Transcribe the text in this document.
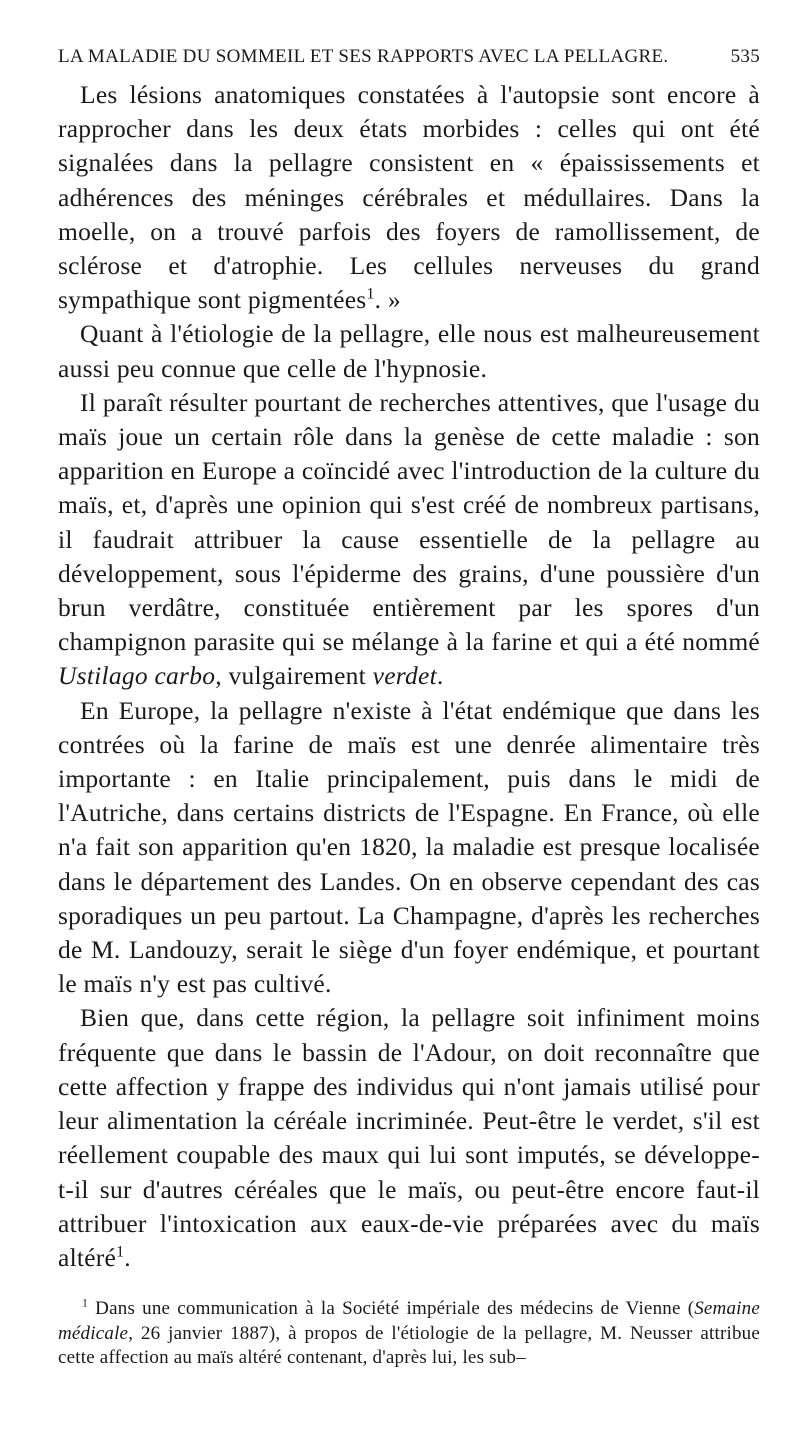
LA MALADIE DU SOMMEIL ET SES RAPPORTS AVEC LA PELLAGRE.	535

Les lésions anatomiques constatées à l'autopsie sont encore à rapprocher dans les deux états morbides : celles qui ont été signalées dans la pellagre consistent en « épaississements et adhérences des méninges cérébrales et médullaires. Dans la moelle, on a trouvé parfois des foyers de ramollissement, de sclérose et d'atrophie. Les cellules nerveuses du grand sympathique sont pigmentées$^1$. »

Quant à l'étiologie de la pellagre, elle nous est malheureusement aussi peu connue que celle de l'hypnosie.

Il paraît résulter pourtant de recherches attentives, que l'usage du maïs joue un certain rôle dans la genèse de cette maladie : son apparition en Europe a coïncidé avec l'introduction de la culture du maïs, et, d'après une opinion qui s'est créé de nombreux partisans, il faudrait attribuer la cause essentielle de la pellagre au développement, sous l'épiderme des grains, d'une poussière d'un brun verdâtre, constituée entièrement par les spores d'un champignon parasite qui se mélange à la farine et qui a été nommé Ustilago carbo, vulgairement verdet.

En Europe, la pellagre n'existe à l'état endémique que dans les contrées où la farine de maïs est une denrée alimentaire très importante : en Italie principalement, puis dans le midi de l'Autriche, dans certains districts de l'Espagne. En France, où elle n'a fait son apparition qu'en 1820, la maladie est presque localisée dans le département des Landes. On en observe cependant des cas sporadiques un peu partout. La Champagne, d'après les recherches de M. Landouzy, serait le siège d'un foyer endémique, et pourtant le maïs n'y est pas cultivé.

Bien que, dans cette région, la pellagre soit infiniment moins fréquente que dans le bassin de l'Adour, on doit reconnaître que cette affection y frappe des individus qui n'ont jamais utilisé pour leur alimentation la céréale incriminée. Peut-être le verdet, s'il est réellement coupable des maux qui lui sont imputés, se développe-t-il sur d'autres céréales que le maïs, ou peut-être encore faut-il attribuer l'intoxication aux eaux-de-vie préparées avec du maïs altéré$^1$.

$^1$ Dans une communication à la Société impériale des médecins de Vienne (Semaine médicale, 26 janvier 1887), à propos de l'étiologie de la pellagre, M. Neusser attribue cette affection au maïs altéré contenant, d'après lui, les sub–
